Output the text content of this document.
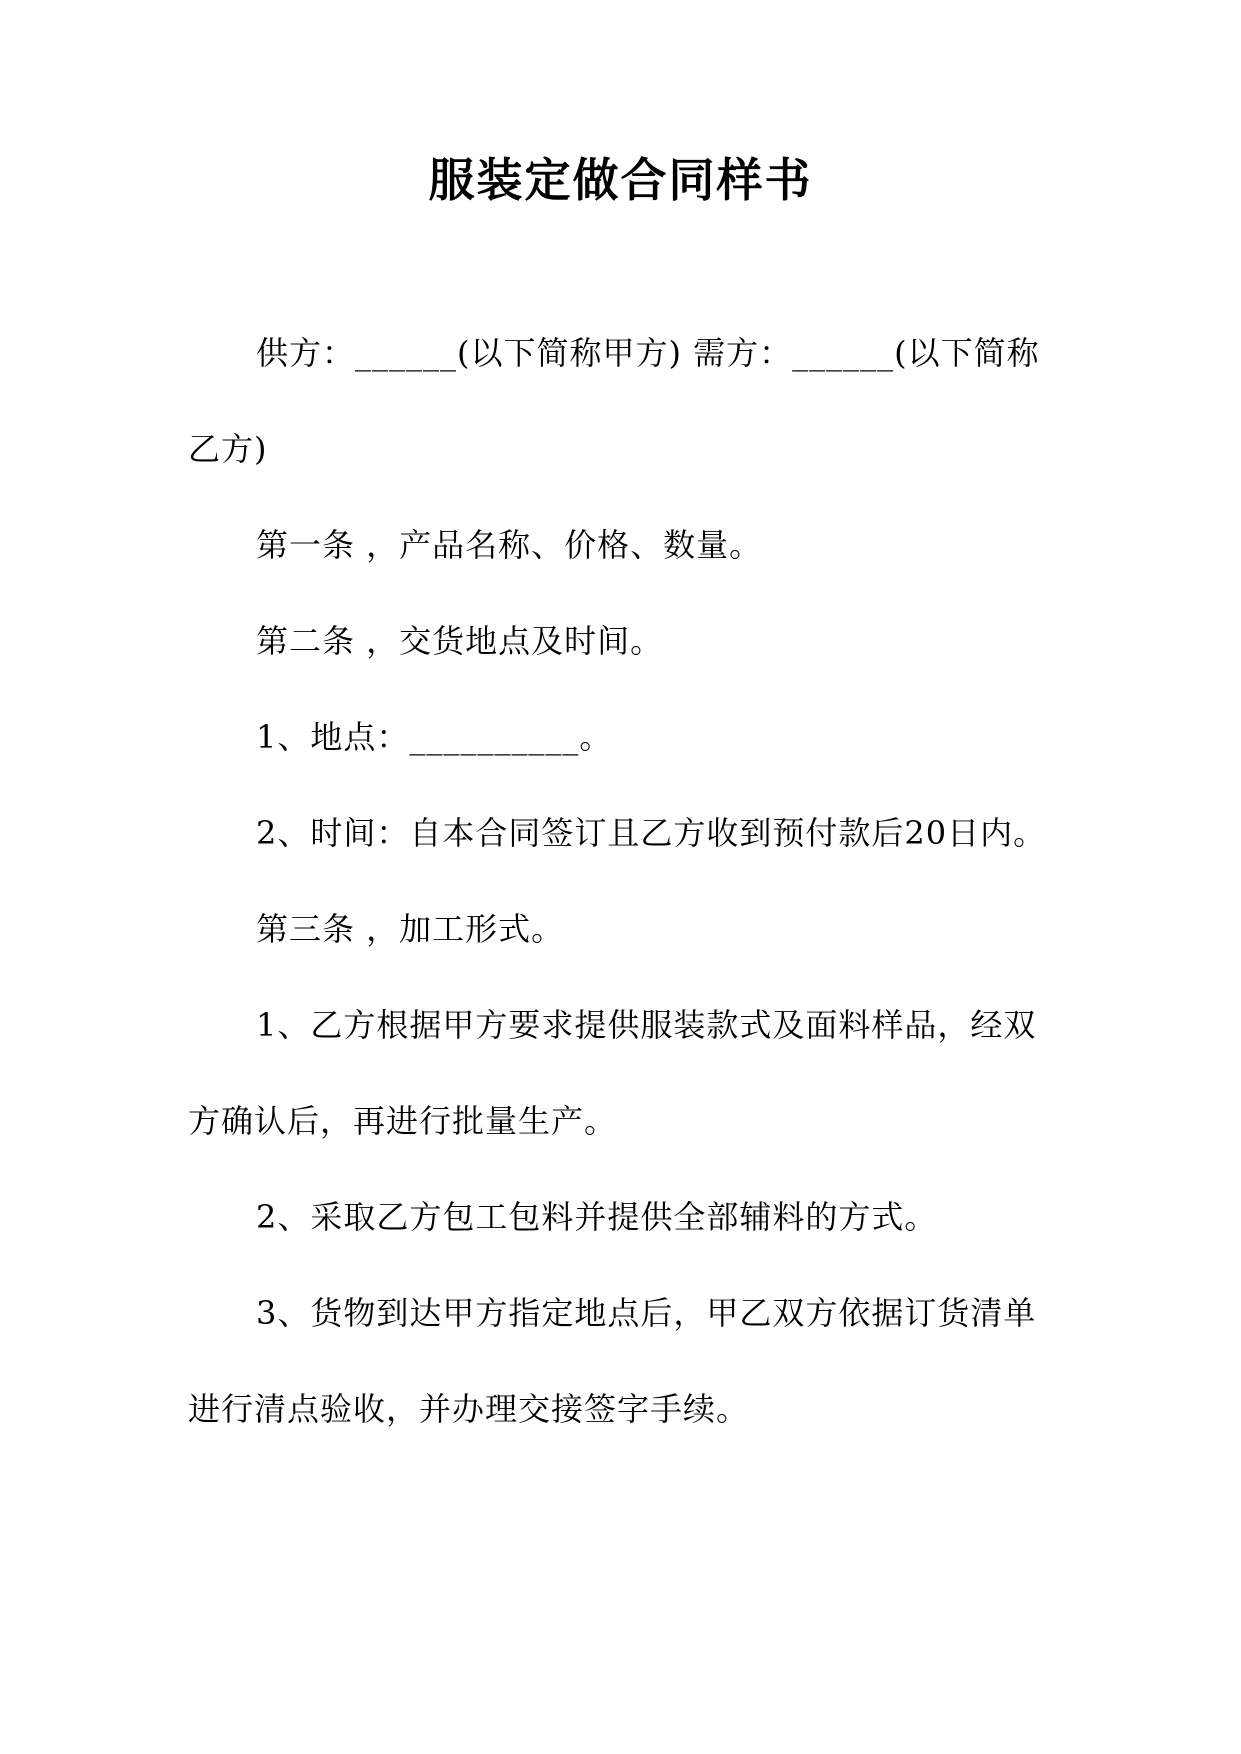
服装定做合同样书

供方：______(以下简称甲方) 需方：______(以下简称乙方)

第一条 ，产品名称、价格、数量。

第二条 ，交货地点及时间。

1、地点：__________。

2、时间：自本合同签订且乙方收到预付款后20日内。

第三条 ，加工形式。

1、乙方根据甲方要求提供服装款式及面料样品，经双方确认后，再进行批量生产。

2、采取乙方包工包料并提供全部辅料的方式。

3、货物到达甲方指定地点后，甲乙双方依据订货清单进行清点验收，并办理交接签字手续。
